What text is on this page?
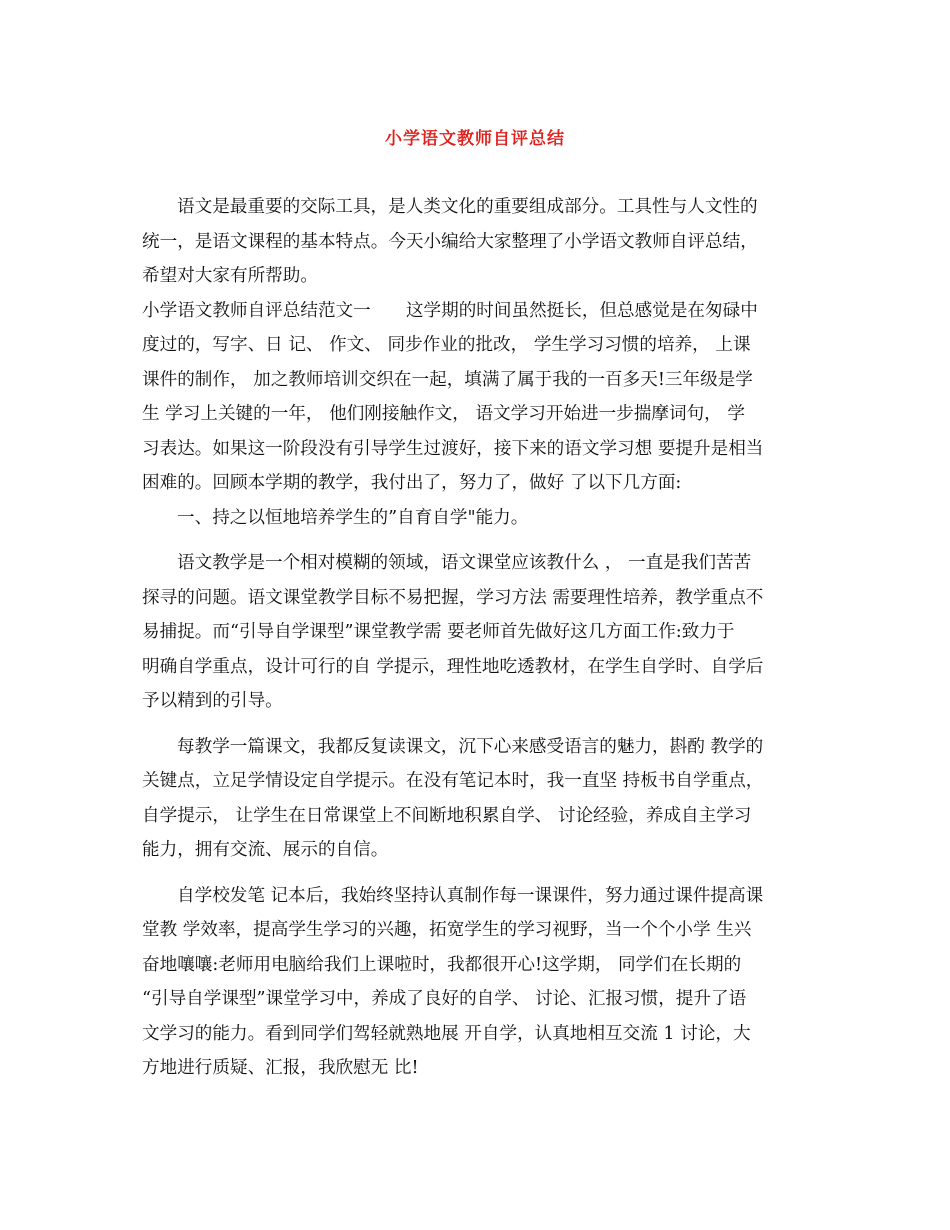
小学语文教师自评总结
语文是最重要的交际工具，是人类文化的重要组成部分。工具性与人文性的
统一，是语文课程的基本特点。今天小编给大家整理了小学语文教师自评总结，
希望对大家有所帮助。
小学语文教师自评总结范文一　　这学期的时间虽然挺长，但总感觉是在匆碌中
度过的，写字、日 记、 作文、 同步作业的批改， 学生学习习惯的培养， 上课
课件的制作， 加之教师培训交织在一起，填满了属于我的一百多天!三年级是学
生 学习上关键的一年， 他们刚接触作文， 语文学习开始进一步揣摩词句， 学
习表达。如果这一阶段没有引导学生过渡好，接下来的语文学习想 要提升是相当
困难的。回顾本学期的教学，我付出了，努力了，做好 了以下几方面:
一、持之以恒地培养学生的”自育自学"能力。
语文教学是一个相对模糊的领域，语文课堂应该教什么 ， 一直是我们苦苦
探寻的问题。语文课堂教学目标不易把握，学习方法 需要理性培养，教学重点不
易捕捉。而“引导自学课型”课堂教学需 要老师首先做好这几方面工作:致力于
明确自学重点，设计可行的自 学提示，理性地吃透教材，在学生自学时、自学后
予以精到的引导。
每教学一篇课文，我都反复读课文，沉下心来感受语言的魅力，斟酌 教学的
关键点，立足学情设定自学提示。在没有笔记本时，我一直坚 持板书自学重点，
自学提示， 让学生在日常课堂上不间断地积累自学、 讨论经验，养成自主学习
能力，拥有交流、展示的自信。
自学校发笔 记本后，我始终坚持认真制作每一课课件，努力通过课件提高课
堂教 学效率，提高学生学习的兴趣，拓宽学生的学习视野，当一个个小学 生兴
奋地嚷嚷:老师用电脑给我们上课啦时，我都很开心!这学期， 同学们在长期的
“引导自学课型”课堂学习中，养成了良好的自学、 讨论、汇报习惯，提升了语
文学习的能力。看到同学们驾轻就熟地展 开自学，认真地相互交流 1 讨论，大
方地进行质疑、汇报，我欣慰无 比!
